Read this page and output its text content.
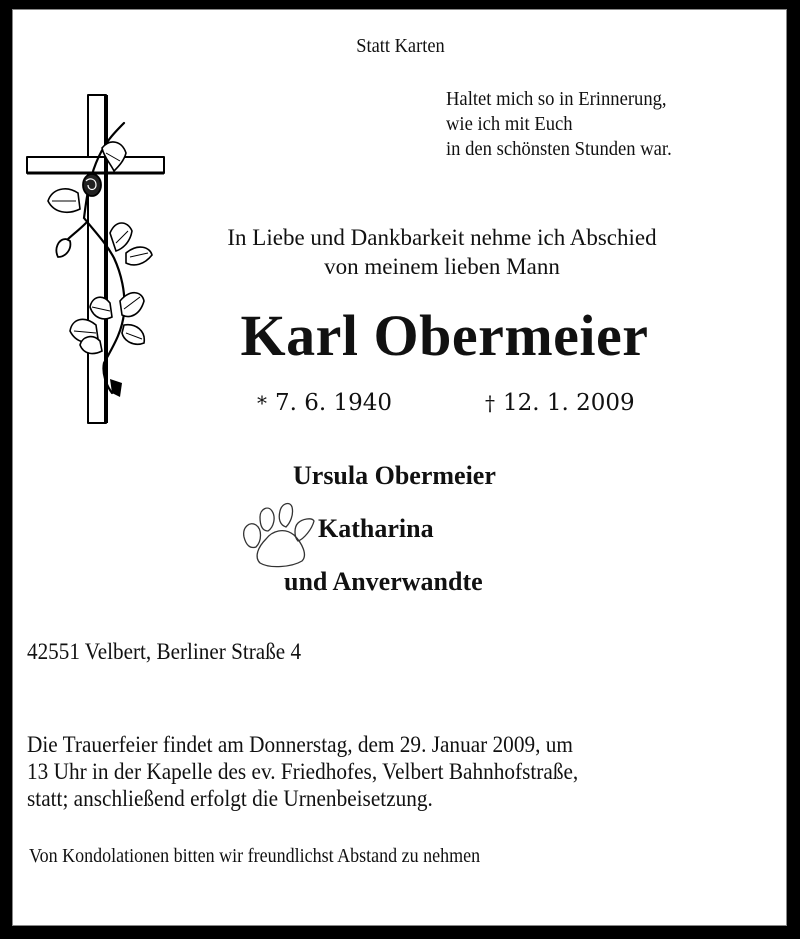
Statt Karten
Haltet mich so in Erinnerung,
wie ich mit Euch
in den schönsten Stunden war.
In Liebe und Dankbarkeit nehme ich Abschied
von meinem lieben Mann
Karl Obermeier
* 7. 6. 1940	† 12. 1. 2009
Ursula Obermeier
Katharina
und Anverwandte
42551 Velbert, Berliner Straße 4
Die Trauerfeier findet am Donnerstag, dem 29. Januar 2009, um
13 Uhr in der Kapelle des ev. Friedhofes, Velbert Bahnhofstraße,
statt; anschließend erfolgt die Urnenbeisetzung.
Von Kondolationen bitten wir freundlichst Abstand zu nehmen
